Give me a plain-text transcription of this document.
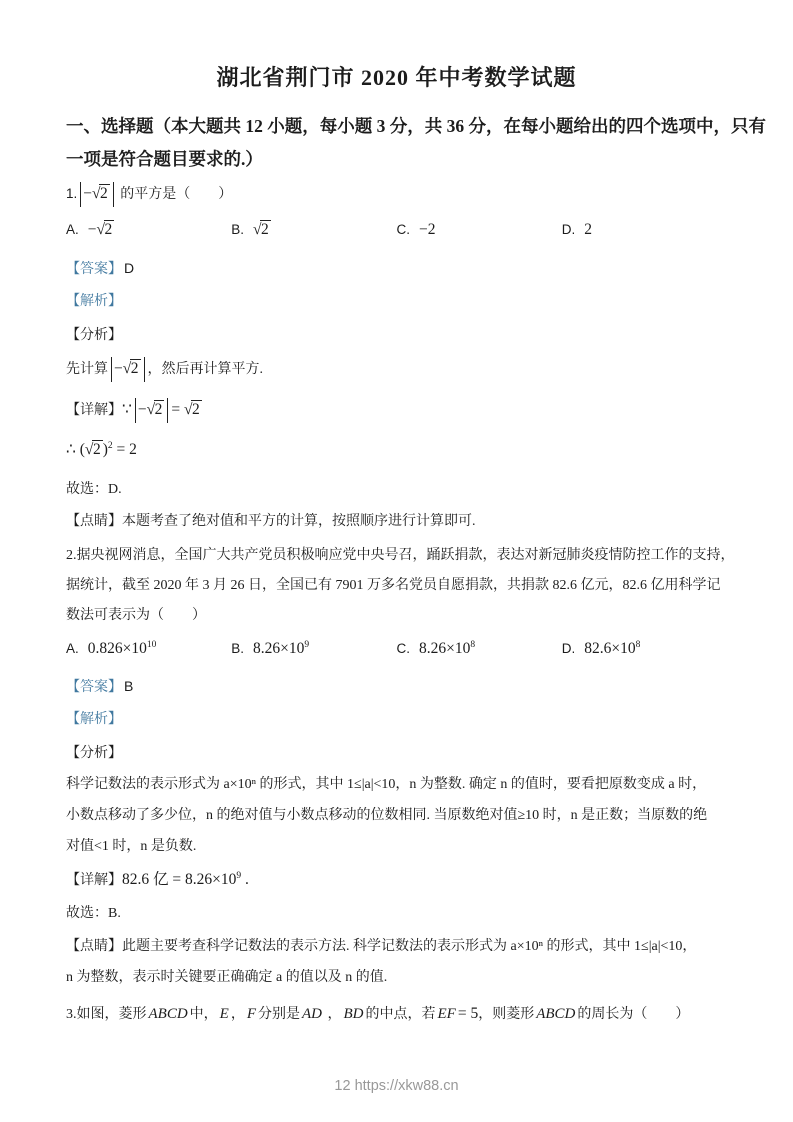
湖北省荆门市 2020 年中考数学试题
一、选择题（本大题共 12 小题，每小题 3 分，共 36 分，在每小题给出的四个选项中，只有
一项是符合题目要求的.）

1. −√2 的平方是（　　）

A. −√2	B. √2	C. −2	D. 2

【答案】 D

【解析】

【分析】

先计算 −√2 ，然后再计算平方.

【详解】∵ −√2 = √2

∴ (√2 )$^2$ = 2

故选：D.

【点睛】本题考查了绝对值和平方的计算，按照顺序进行计算即可.

2.据央视网消息，全国广大共产党员积极响应党中央号召，踊跃捐款，表达对新冠肺炎疫情防控工作的支持，

据统计，截至 2020 年 3 月 26 日，全国已有 7901 万多名党员自愿捐款，共捐款 82.6 亿元，82.6 亿用科学记

数法可表示为（　　）

A. $0.826\times 10^{10}$	B. $8.26\times 10^9$	C. $8.26\times 10^8$	D. $82.6\times 10^8$

【答案】 B

【解析】

【分析】

科学记数法的表示形式为 a×10ⁿ 的形式，其中 1≤|a|<10，n 为整数. 确定 n 的值时，要看把原数变成 a 时，

小数点移动了多少位，n 的绝对值与小数点移动的位数相同. 当原数绝对值≥10 时，n 是正数；当原数的绝

对值<1 时，n 是负数.

【详解】82.6 亿 = $8.26\times 10^9$ .

故选：B.

【点睛】此题主要考查科学记数法的表示方法. 科学记数法的表示形式为 a×10ⁿ 的形式，其中 1≤|a|<10，

n 为整数，表示时关键要正确确定 a 的值以及 n 的值.

3.如图，菱形 ABCD 中， E ， F 分别是 AD ， BD 的中点，若 EF = 5，则菱形 ABCD 的周长为（　　）

12 https://xkw88.cn
